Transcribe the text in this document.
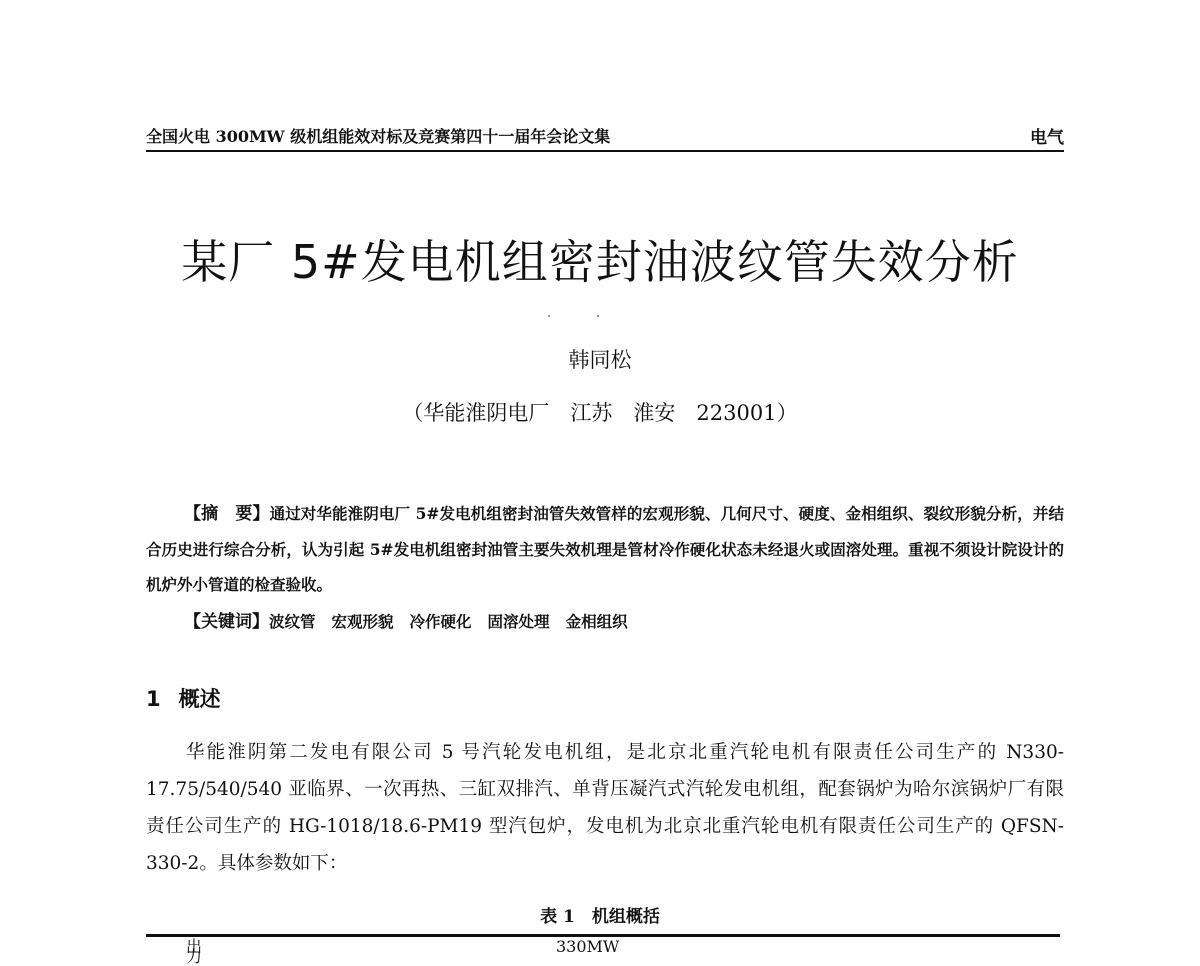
全国火电 300MW 级机组能效对标及竞赛第四十一届年会论文集	电气
某厂 5#发电机组密封油波纹管失效分析
韩同松
（华能淮阴电厂　江苏　淮安　223001）

【摘　要】通过对华能淮阴电厂 5#发电机组密封油管失效管样的宏观形貌、几何尺寸、硬度、金相组织、裂纹形貌分析，并结合历史进行综合分析，认为引起 5#发电机组密封油管主要失效机理是管材冷作硬化状态未经退火或固溶处理。重视不须设计院设计的机炉外小管道的检查验收。

【关键词】波纹管 宏观形貌 冷作硬化 固溶处理 金相组织
1 概述

华能淮阴第二发电有限公司 5 号汽轮发电机组，是北京北重汽轮电机有限责任公司生产的 N330-17.75/540/540 亚临界、一次再热、三缸双排汽、单背压凝汽式汽轮发电机组，配套锅炉为哈尔滨锅炉厂有限责任公司生产的 HG-1018/18.6-PM19 型汽包炉，发电机为北京北重汽轮电机有限责任公司生产的 QFSN-330-2。具体参数如下：

表 1　机组概括
出力
330MW
